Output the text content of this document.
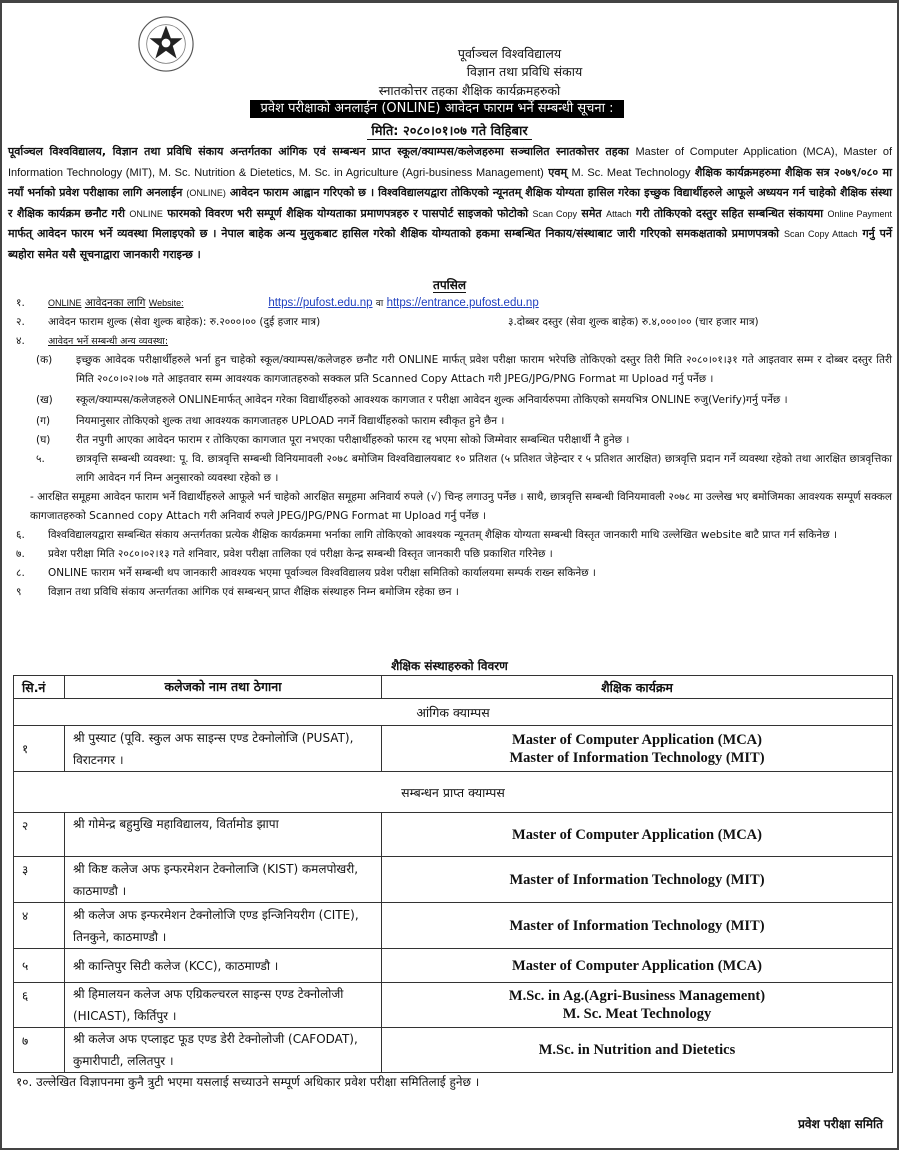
पूर्वाञ्चल विश्वविद्यालय
विज्ञान तथा प्रविधि संकाय
स्नातकोत्तर तहका शैक्षिक कार्यक्रमहरुको
प्रवेश परीक्षाको अनलाईन (ONLINE) आवेदन फाराम भर्ने सम्बन्धी सूचना :
मिति: २०८०।०१।०७ गते विहिबार
पूर्वाञ्चल विश्वविद्यालय, विज्ञान तथा प्रविधि संकाय अन्तर्गतका आंगिक एवं सम्बन्धन प्राप्त स्कूल/क्याम्पस/कलेजहरुमा सञ्चालित स्नातकोत्तर तहका Master of Computer Application (MCA), Master of Information Technology (MIT), M. Sc. Nutrition & Dietetics, M. Sc. in Agriculture (Agri-business Management) एवम् M. Sc. Meat Technology शैक्षिक कार्यक्रमहरुमा शैक्षिक सत्र २०७९/०८० मा नयाँ भर्नाको प्रवेश परीक्षाका लागि अनलाईन (ONLINE) आवेदन फाराम आह्वान गरिएको छ । विश्वविद्यालयद्वारा तोकिएको न्यूनतम् शैक्षिक योग्यता हासिल गरेका इच्छुक विद्यार्थीहरुले आफूले अध्ययन गर्न चाहेको शैक्षिक संस्था र शैक्षिक कार्यक्रम छनौट गरी ONLINE फारमको विवरण भरी सम्पूर्ण शैक्षिक योग्यताका प्रमाणपत्रहरु र पासपोर्ट साइजको फोटोको Scan Copy समेत Attach गरी तोकिएको दस्तुर सहित सम्बन्धित संकायमा Online Payment मार्फत् आवेदन फारम भर्ने व्यवस्था मिलाइएको छ । नेपाल बाहेक अन्य मुलुकबाट हासिल गरेको शैक्षिक योग्यताको हकमा सम्बन्धित निकाय/संस्थाबाट जारी गरिएको समकक्षताको प्रमाणपत्रको Scan Copy Attach गर्नु पर्ने ब्यहोरा समेत यसै सूचनाद्वारा जानकारी गराइन्छ ।
तपसिल
१.	ONLINE आवेदनका लागि Website:	https://pufost.edu.np वा https://entrance.pufost.edu.np
२.	आवेदन फाराम शुल्क (सेवा शुल्क बाहेक): रु.२०००।०० (दुई हजार मात्र)	३.दोब्बर दस्तुर (सेवा शुल्क बाहेक) रु.४,०००।०० (चार हजार मात्र)
४.	आवेदन भर्ने सम्बन्धी अन्य व्यवस्था:
(क)	इच्छुक आवेदक परीक्षार्थीहरुले भर्ना हुन चाहेको स्कूल/क्याम्पस/कलेजहरु छनौट गरी ONLINE मार्फत् प्रवेश परीक्षा फाराम भरेपछि तोकिएको दस्तुर तिरी मिति २०८०।०१।३१ गते आइतवार सम्म र दोब्बर दस्तुर तिरी मिति २०८०।०२।०७ गते आइतवार सम्म आवश्यक कागजातहरुको सक्कल प्रति Scanned Copy Attach गरी JPEG/JPG/PNG Format मा Upload गर्नु पर्नेछ ।
(ख)	स्कूल/क्याम्पस/कलेजहरुले ONLINEमार्फत् आवेदन गरेका विद्यार्थीहरुको आवश्यक कागजात र परीक्षा आवेदन शुल्क अनिवार्यरुपमा तोकिएको समयभित्र ONLINE रुजु(Verify)गर्नु पर्नेछ ।
(ग)	नियमानुसार तोकिएको शुल्क तथा आवश्यक कागजातहरु UPLOAD नगर्ने विद्यार्थीहरुको फाराम स्वीकृत हुने छैन ।
(घ)	रीत नपुगी आएका आवेदन फाराम र तोकिएका कागजात पूरा नभएका परीक्षार्थीहरुको फारम रद्द भएमा सोको जिम्मेवार सम्बन्धित परीक्षार्थी नै हुनेछ ।
५.	छात्रवृत्ति सम्बन्धी व्यवस्था: पू. वि. छात्रवृत्ति सम्बन्धी विनियमावली २०७८ बमोजिम विश्वविद्यालयबाट १० प्रतिशत (५ प्रतिशत जेहेन्दार र ५ प्रतिशत आरक्षित) छात्रवृत्ति प्रदान गर्ने व्यवस्था रहेको तथा आरक्षित छात्रवृत्तिका लागि आवेदन गर्न निम्न अनुसारको व्यवस्था रहेको छ ।
- आरक्षित समूहमा आवेदन फाराम भर्ने विद्यार्थीहरुले आफूले भर्न चाहेको आरक्षित समूहमा अनिवार्य रुपले (√) चिन्ह लगाउनु पर्नेछ । साथै, छात्रवृत्ति सम्बन्धी विनियमावली २०७८ मा उल्लेख भए बमोजिमका आवश्यक सम्पूर्ण सक्कल कागजातहरुको Scanned copy Attach गरी अनिवार्य रुपले JPEG/JPG/PNG Format मा Upload गर्नु पर्नेछ ।
६.	विश्वविद्यालयद्वारा सम्बन्धित संकाय अन्तर्गतका प्रत्येक शैक्षिक कार्यक्रममा भर्नाका लागि तोकिएको आवश्यक न्यूनतम् शैक्षिक योग्यता सम्बन्धी विस्तृत जानकारी माथि उल्लेखित website बाटै प्राप्त गर्न सकिनेछ ।
७.	प्रवेश परीक्षा मिति २०८०।०२।१३ गते शनिवार, प्रवेश परीक्षा तालिका एवं परीक्षा केन्द्र सम्बन्धी विस्तृत जानकारी पछि प्रकाशित गरिनेछ ।
८.	ONLINE फाराम भर्ने सम्बन्धी थप जानकारी आवश्यक भएमा पूर्वाञ्चल विश्वविद्यालय प्रवेश परीक्षा समितिको कार्यालयमा सम्पर्क राख्न सकिनेछ ।
९	विज्ञान तथा प्रविधि संकाय अन्तर्गतका आंगिक एवं सम्बन्धन् प्राप्त शैक्षिक संस्थाहरु निम्न बमोजिम रहेका छन ।
शैक्षिक संस्थाहरुको विवरण
सि.नं	कलेजको नाम तथा ठेगाना	शैक्षिक कार्यक्रम
आंगिक क्याम्पस		
१	श्री पुस्याट (पूवि. स्कुल अफ साइन्स एण्ड टेक्नोलोजि (PUSAT), विराटनगर ।	Master of Computer Application (MCA)
Master of Information Technology (MIT)

सम्बन्धन प्राप्त क्याम्पस		
२	श्री गोमेन्द्र बहुमुखि महाविद्यालय, विर्तामोड झापा	Master of Computer Application (MCA)

३	श्री किष्ट कलेज अफ इन्फरमेशन टेक्नोलाजि (KIST) कमलपोखरी, काठमाण्डौ ।	Master of Information Technology (MIT)

४	श्री कलेज अफ इन्फरमेशन टेक्नोलोजि एण्ड इन्जिनियरीग (CITE), तिनकुने, काठमाण्डौ ।	Master of Information Technology (MIT)

५	श्री कान्तिपुर सिटी कलेज (KCC), काठमाण्डौ ।	Master of Computer Application (MCA)

६	श्री हिमालयन कलेज अफ एग्रिकल्चरल साइन्स एण्ड टेक्नोलोजी (HICAST), किर्तिपुर ।	M.Sc. in Ag.(Agri-Business Management)
M. Sc. Meat Technology

७	श्री कलेज अफ एप्लाइट फूड एण्ड डेरी टेक्नोलोजी (CAFODAT), कुमारीपाटी, ललितपुर ।	M.Sc. in Nutrition and Dietetics
१०. उल्लेखित विज्ञापनमा कुनै त्रुटी भएमा यसलाई सच्याउने सम्पूर्ण अधिकार प्रवेश परीक्षा समितिलाई हुनेछ ।
प्रवेश परीक्षा समिति
